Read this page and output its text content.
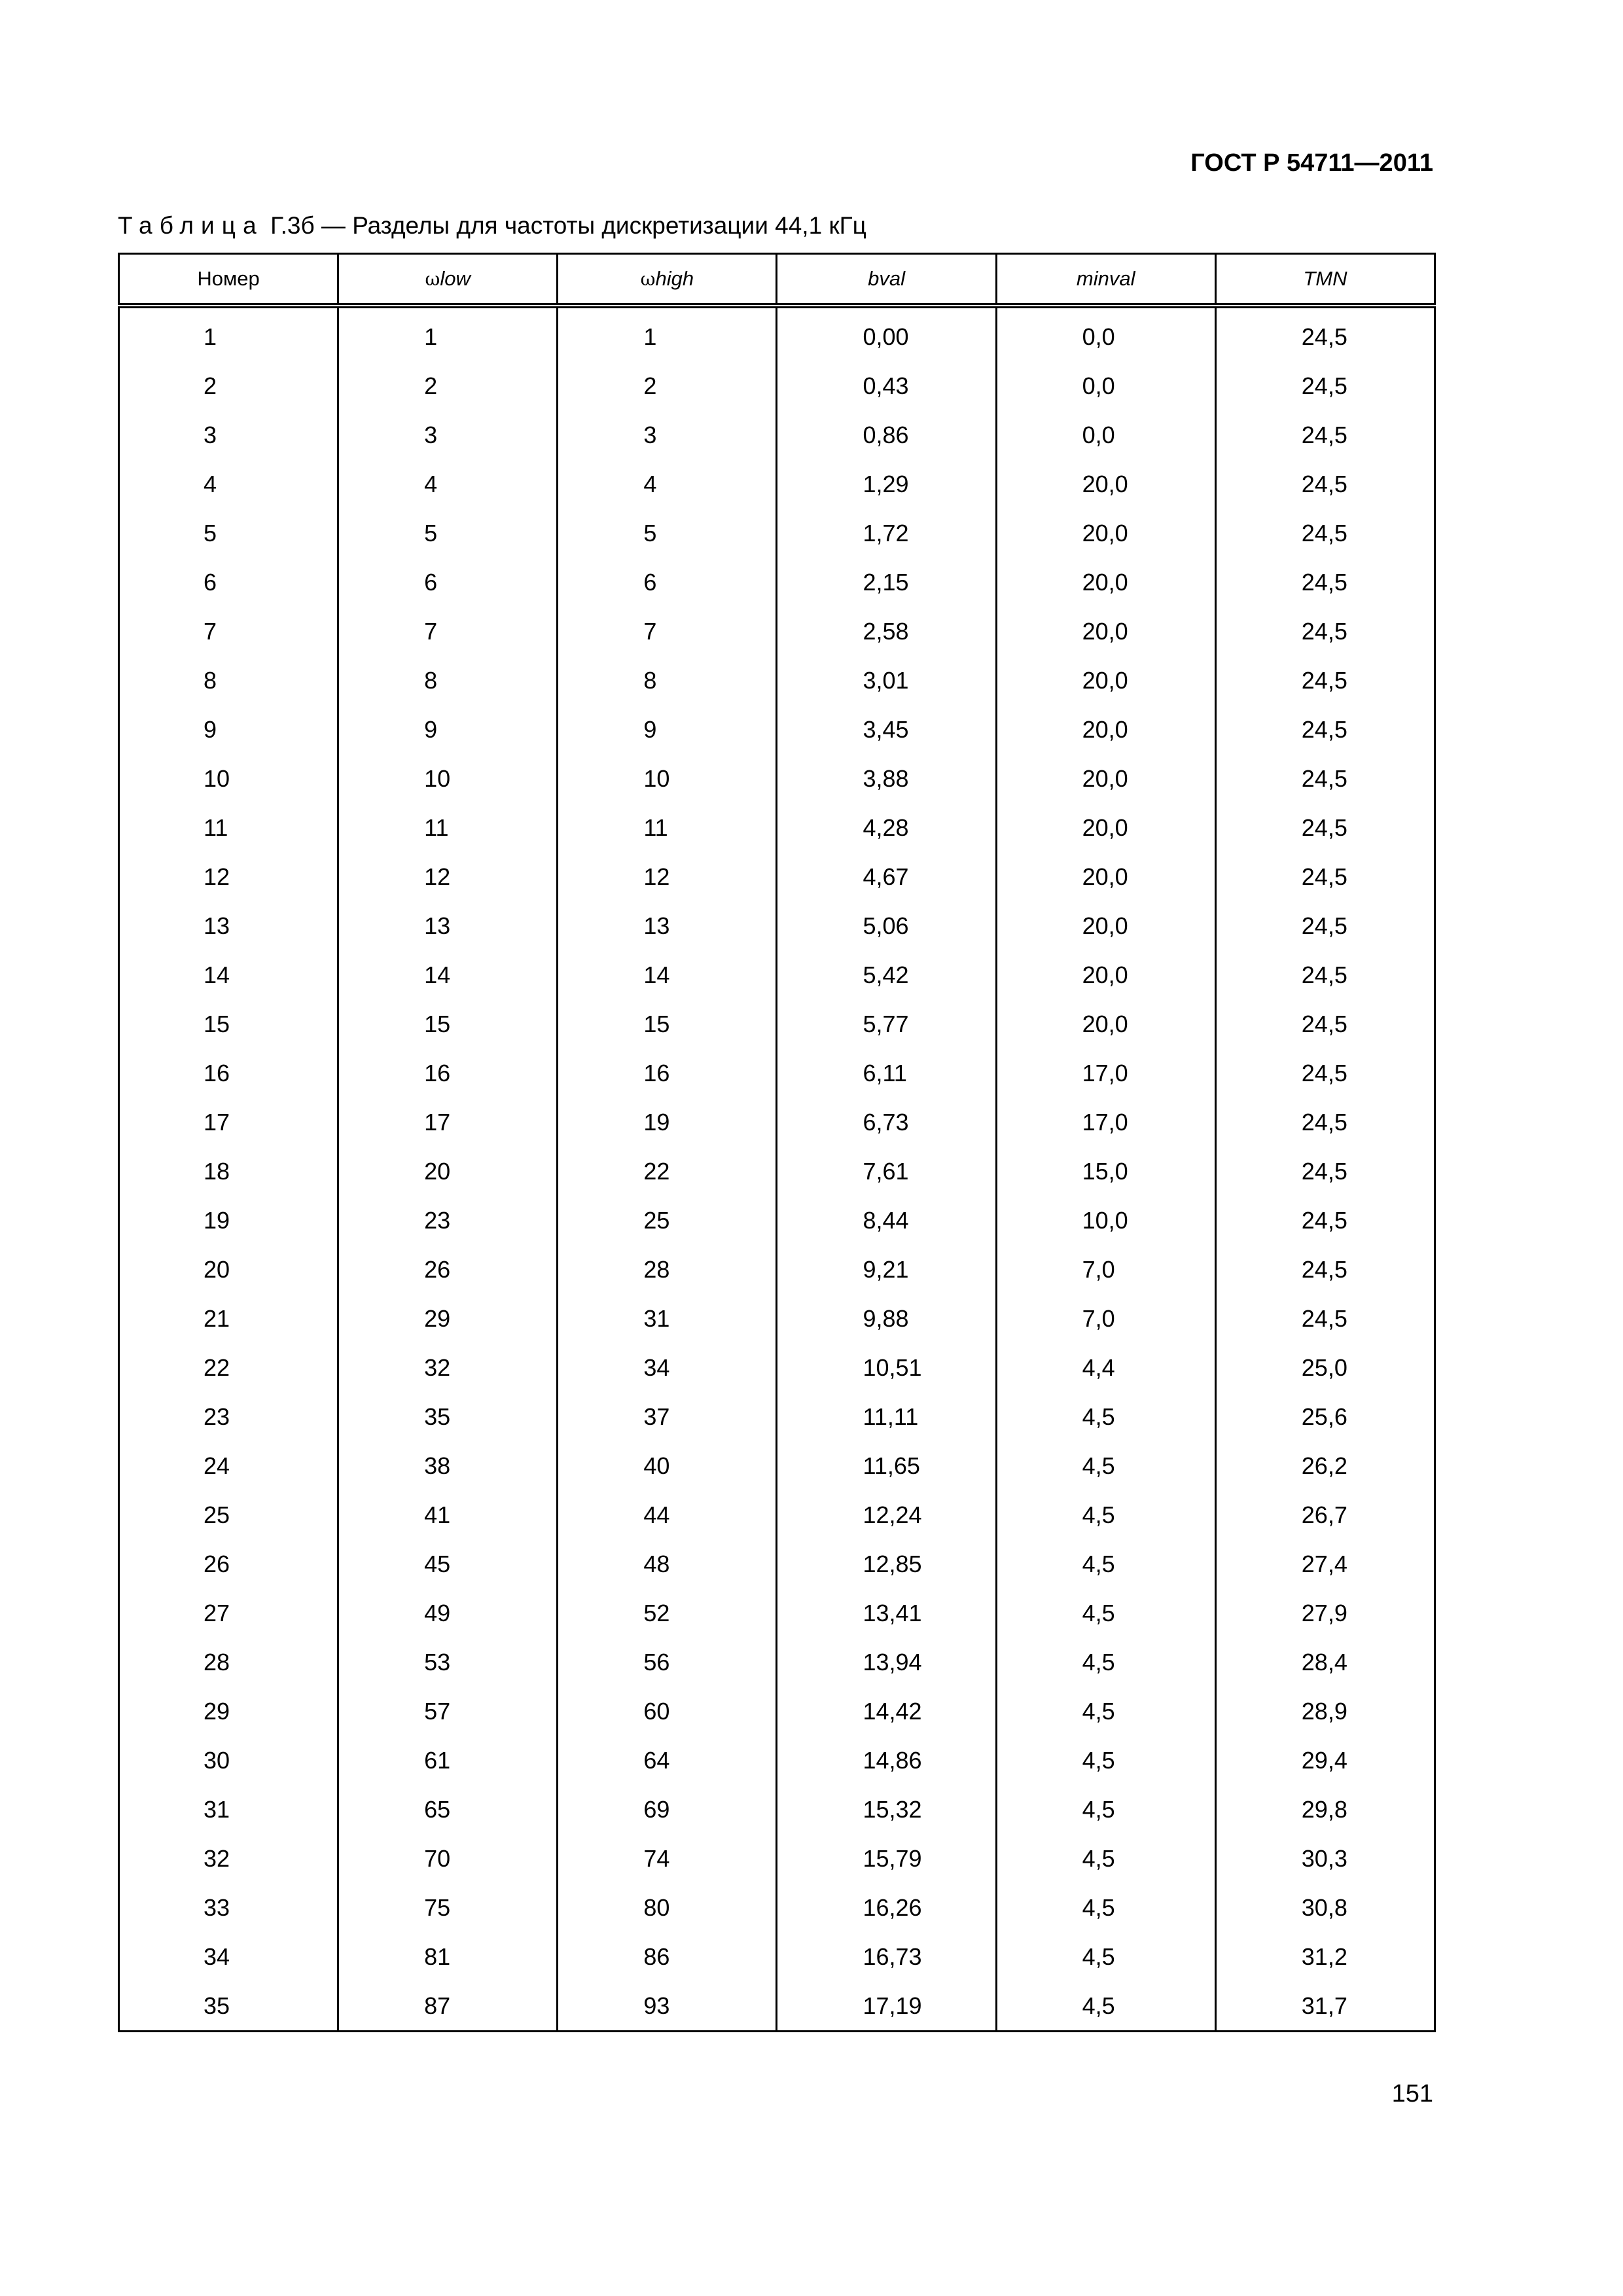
ГОСТ Р 54711—2011
Таблица Г.3б — Разделы для частоты дискретизации 44,1 кГц
Номер	ωlow	ωhigh	bval	minval	TMN
1	1	1	0,00	0,0	24,5
2	2	2	0,43	0,0	24,5
3	3	3	0,86	0,0	24,5
4	4	4	1,29	20,0	24,5
5	5	5	1,72	20,0	24,5
6	6	6	2,15	20,0	24,5
7	7	7	2,58	20,0	24,5
8	8	8	3,01	20,0	24,5
9	9	9	3,45	20,0	24,5
10	10	10	3,88	20,0	24,5
11	11	11	4,28	20,0	24,5
12	12	12	4,67	20,0	24,5
13	13	13	5,06	20,0	24,5
14	14	14	5,42	20,0	24,5
15	15	15	5,77	20,0	24,5
16	16	16	6,11	17,0	24,5
17	17	19	6,73	17,0	24,5
18	20	22	7,61	15,0	24,5
19	23	25	8,44	10,0	24,5
20	26	28	9,21	7,0	24,5
21	29	31	9,88	7,0	24,5
22	32	34	10,51	4,4	25,0
23	35	37	11,11	4,5	25,6
24	38	40	11,65	4,5	26,2
25	41	44	12,24	4,5	26,7
26	45	48	12,85	4,5	27,4
27	49	52	13,41	4,5	27,9
28	53	56	13,94	4,5	28,4
29	57	60	14,42	4,5	28,9
30	61	64	14,86	4,5	29,4
31	65	69	15,32	4,5	29,8
32	70	74	15,79	4,5	30,3
33	75	80	16,26	4,5	30,8
34	81	86	16,73	4,5	31,2
35	87	93	17,19	4,5	31,7
151
